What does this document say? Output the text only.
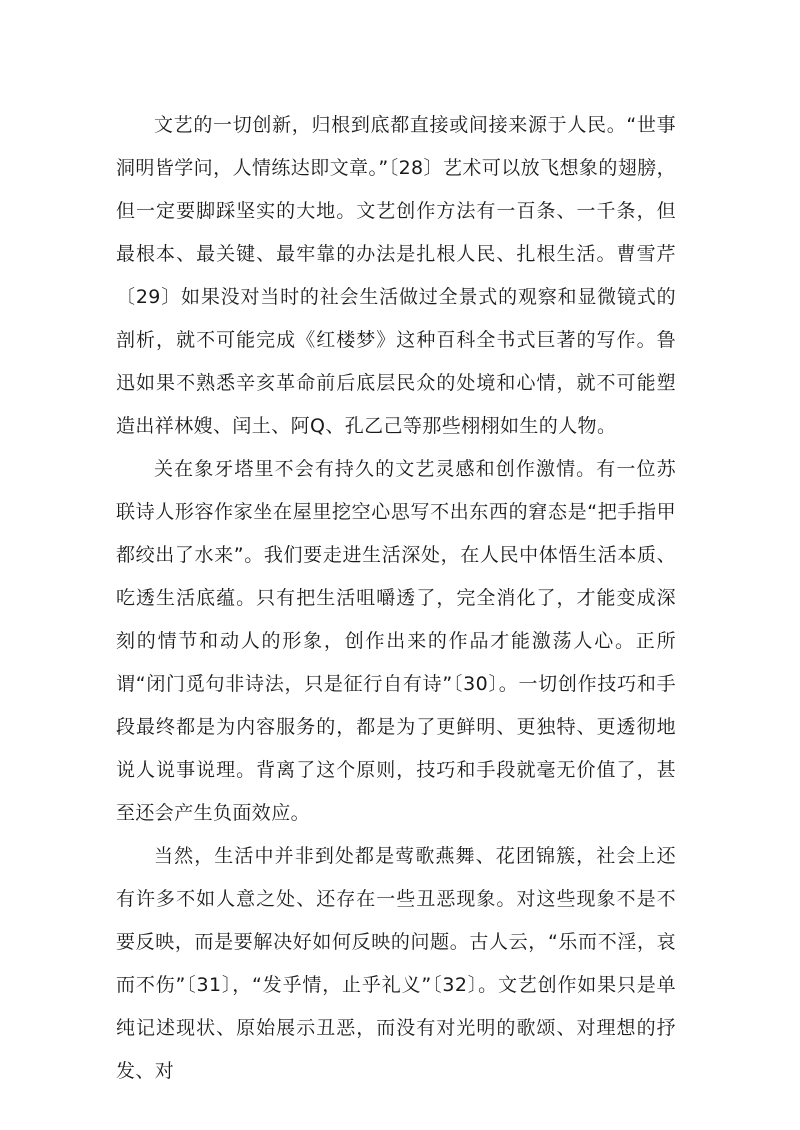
文艺的一切创新，归根到底都直接或间接来源于人民。“世事洞明皆学问，人情练达即文章。”〔28〕艺术可以放飞想象的翅膀，但一定要脚踩坚实的大地。文艺创作方法有一百条、一千条，但最根本、最关键、最牢靠的办法是扎根人民、扎根生活。曹雪芹〔29〕如果没对当时的社会生活做过全景式的观察和显微镜式的剖析，就不可能完成《红楼梦》这种百科全书式巨著的写作。鲁迅如果不熟悉辛亥革命前后底层民众的处境和心情，就不可能塑造出祥林嫂、闰土、阿Q、孔乙己等那些栩栩如生的人物。

关在象牙塔里不会有持久的文艺灵感和创作激情。有一位苏联诗人形容作家坐在屋里挖空心思写不出东西的窘态是“把手指甲都绞出了水来”。我们要走进生活深处，在人民中体悟生活本质、吃透生活底蕴。只有把生活咀嚼透了，完全消化了，才能变成深刻的情节和动人的形象，创作出来的作品才能激荡人心。正所谓“闭门觅句非诗法，只是征行自有诗”〔30〕。一切创作技巧和手段最终都是为内容服务的，都是为了更鲜明、更独特、更透彻地说人说事说理。背离了这个原则，技巧和手段就毫无价值了，甚至还会产生负面效应。

当然，生活中并非到处都是莺歌燕舞、花团锦簇，社会上还有许多不如人意之处、还存在一些丑恶现象。对这些现象不是不要反映，而是要解决好如何反映的问题。古人云，“乐而不淫，哀而不伤”〔31〕，“发乎情，止乎礼义”〔32〕。文艺创作如果只是单纯记述现状、原始展示丑恶，而没有对光明的歌颂、对理想的抒发、对
